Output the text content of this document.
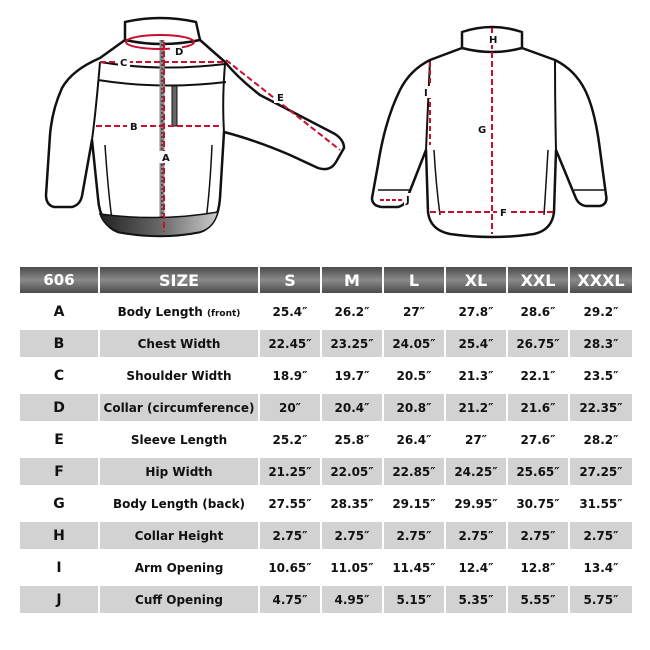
D
C
B
A
E
H
I
G
F
J
606	SIZE	S	M	L	XL	XXL	XXXL
A	Body Length (front)	25.4″	26.2″	27″	27.8″	28.6″	29.2″
B	Chest Width	22.45″	23.25″	24.05″	25.4″	26.75″	28.3″
C	Shoulder Width	18.9″	19.7″	20.5″	21.3″	22.1″	23.5″
D	Collar (circumference)	20″	20.4″	20.8″	21.2″	21.6″	22.35″
E	Sleeve Length	25.2″	25.8″	26.4″	27″	27.6″	28.2″
F	Hip Width	21.25″	22.05″	22.85″	24.25″	25.65″	27.25″
G	Body Length (back)	27.55″	28.35″	29.15″	29.95″	30.75″	31.55″
H	Collar Height	2.75″	2.75″	2.75″	2.75″	2.75″	2.75″
I	Arm Opening	10.65″	11.05″	11.45″	12.4″	12.8″	13.4″
J	Cuff Opening	4.75″	4.95″	5.15″	5.35″	5.55″	5.75″
